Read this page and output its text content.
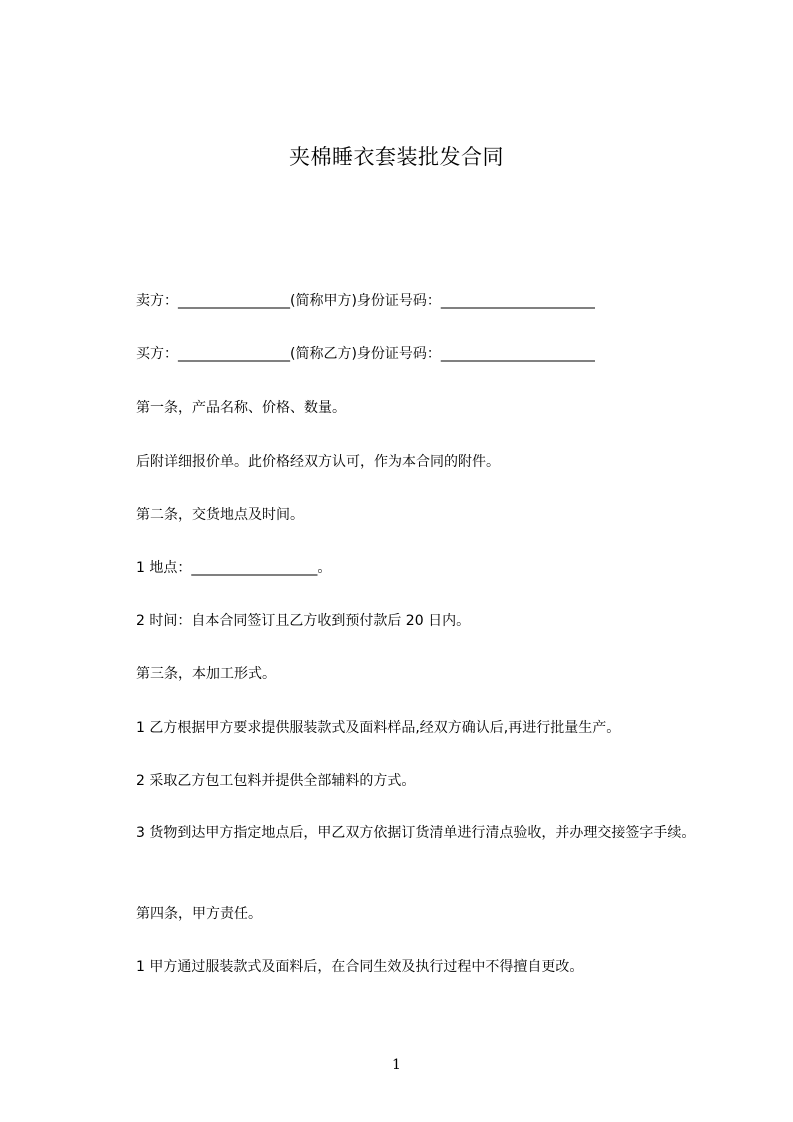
夹棉睡衣套装批发合同
卖方：________________(简称甲方)身份证号码：______________________
买方：________________(简称乙方)身份证号码：______________________
第一条，产品名称、价格、数量。
后附详细报价单。此价格经双方认可，作为本合同的附件。
第二条，交货地点及时间。
1 地点：__________________。
2 时间：自本合同签订且乙方收到预付款后 20 日内。
第三条，本加工形式。
1 乙方根据甲方要求提供服装款式及面料样品,经双方确认后,再进行批量生产。
2 采取乙方包工包料并提供全部辅料的方式。
3 货物到达甲方指定地点后，甲乙双方依据订货清单进行清点验收，并办理交接签字手续。
第四条，甲方责任。
1 甲方通过服装款式及面料后，在合同生效及执行过程中不得擅自更改。
1
